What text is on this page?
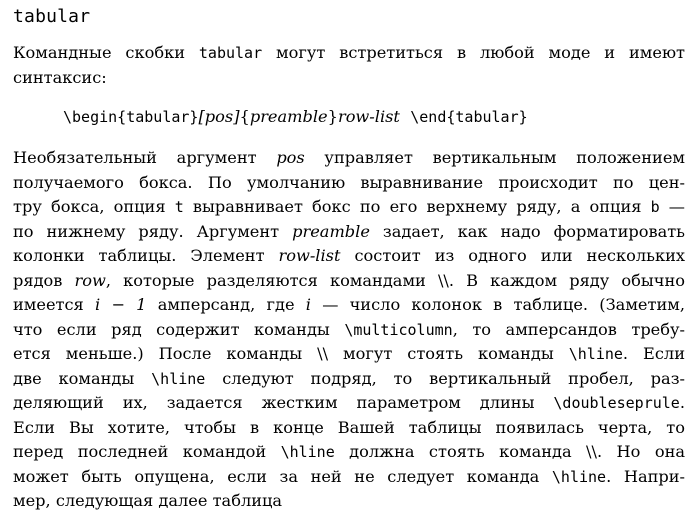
tabular
Командные скобки tabular могут встретиться в любой моде и имеют
синтаксис:
\begin{tabular}[pos]{preamble}row-list \end{tabular}
Необязательный аргумент pos управляет вертикальным положением
получаемого бокса. По умолчанию выравнивание происходит по цен-
тру бокса, опция t выравнивает бокс по его верхнему ряду, а опция b —
по нижнему ряду. Аргумент preamble задает, как надо форматировать
колонки таблицы. Элемент row-list состоит из одного или нескольких
рядов row, которые разделяются командами \\. В каждом ряду обычно
имеется i − 1 амперсанд, где i — число колонок в таблице. (Заметим,
что если ряд содержит команды \multicolumn, то амперсандов требу-
ется меньше.) После команды \\ могут стоять команды \hline. Если
две команды \hline следуют подряд, то вертикальный пробел, раз-
деляющий их, задается жестким параметром длины \doubleseprule.
Если Вы хотите, чтобы в конце Вашей таблицы появилась черта, то
перед последней командой \hline должна стоять команда \\. Но она
может быть опущена, если за ней не следует команда \hline. Напри-
мер, следующая далее таблица
